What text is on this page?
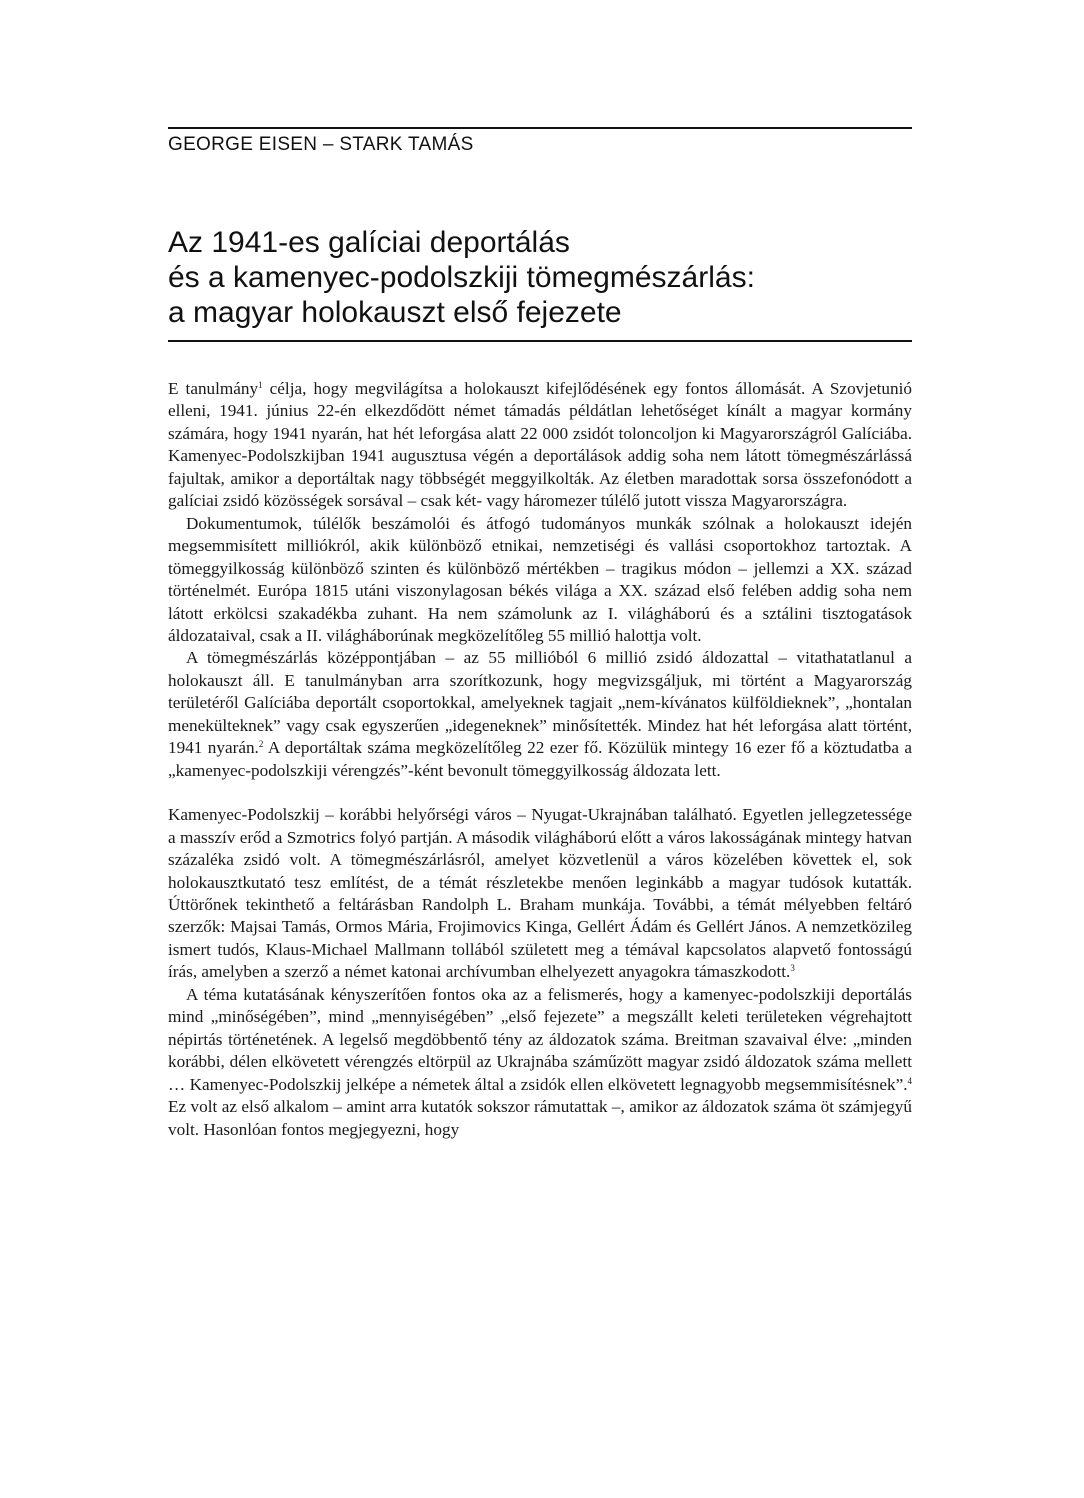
GEORGE EISEN – STARK TAMÁS
Az 1941-es galíciai deportálás
és a kamenyec-podolszkiji tömegmészárlás:
a magyar holokauszt első fejezete

E tanulmány$^1$ célja, hogy megvilágítsa a holokauszt kifejlődésének egy fontos állomását. A Szovjetunió elleni, 1941. június 22-én elkezdődött német támadás példátlan lehetőséget kínált a magyar kormány számára, hogy 1941 nyarán, hat hét leforgása alatt 22 000 zsidót toloncoljon ki Magyarországról Galíciába. Kamenyec-Podolszkijban 1941 augusztusa végén a deportálások addig soha nem látott tömegmészárlássá fajultak, amikor a deportáltak nagy többségét meggyilkolták. Az életben maradottak sorsa összefonódott a galíciai zsidó közösségek sorsával – csak két- vagy háromezer túlélő jutott vissza Magyarországra.

Dokumentumok, túlélők beszámolói és átfogó tudományos munkák szólnak a holokauszt idején megsemmisített milliókról, akik különböző etnikai, nemzetiségi és vallási csoportokhoz tartoztak. A tömeggyilkosság különböző szinten és különböző mértékben – tragikus módon – jellemzi a XX. század történelmét. Európa 1815 utáni viszonylagosan békés világa a XX. század első felében addig soha nem látott erkölcsi szakadékba zuhant. Ha nem számolunk az I. világháború és a sztálini tisztogatások áldozataival, csak a II. világháborúnak megközelítőleg 55 millió halottja volt.

A tömegmészárlás középpontjában – az 55 millióból 6 millió zsidó áldozattal – vitathatatlanul a holokauszt áll. E tanulmányban arra szorítkozunk, hogy megvizsgáljuk, mi történt a Magyarország területéről Galíciába deportált csoportokkal, amelyeknek tagjait „nem-kívánatos külföldieknek”, „hontalan menekülteknek” vagy csak egyszerűen „idegeneknek” minősítették. Mindez hat hét leforgása alatt történt, 1941 nyarán.$^2$ A deportáltak száma megközelítőleg 22 ezer fő. Közülük mintegy 16 ezer fő a köztudatba a „kamenyec-podolszkiji vérengzés”-ként bevonult tömeggyilkosság áldozata lett.

Kamenyec-Podolszkij – korábbi helyőrségi város – Nyugat-Ukrajnában található. Egyetlen jellegzetessége a masszív erőd a Szmotrics folyó partján. A második világháború előtt a város lakosságának mintegy hatvan százaléka zsidó volt. A tömegmészárlásról, amelyet közvetlenül a város közelében követtek el, sok holokausztkutató tesz említést, de a témát részletekbe menően leginkább a magyar tudósok kutatták. Úttörőnek tekinthető a feltárásban Randolph L. Braham munkája. További, a témát mélyebben feltáró szerzők: Majsai Tamás, Ormos Mária, Frojimovics Kinga, Gellért Ádám és Gellért János. A nemzetközileg ismert tudós, Klaus-Michael Mallmann tollából született meg a témával kapcsolatos alapvető fontosságú írás, amelyben a szerző a német katonai archívumban elhelyezett anyagokra támaszkodott.$^3$

A téma kutatásának kényszerítően fontos oka az a felismerés, hogy a kamenyec-podolszkiji deportálás mind „minőségében”, mind „mennyiségében” „első fejezete” a megszállt keleti területeken végrehajtott népirtás történetének. A legelső megdöbbentő tény az áldozatok száma. Breitman szavaival élve: „minden korábbi, délen elkövetett vérengzés eltörpül az Ukrajnába száműzött magyar zsidó áldozatok száma mellett … Kamenyec-Podolszkij jelképe a németek által a zsidók ellen elkövetett legnagyobb megsemmisítésnek”.$^4$ Ez volt az első alkalom – amint arra kutatók sokszor rámutattak –, amikor az áldozatok száma öt számjegyű volt. Hasonlóan fontos megjegyezni, hogy
